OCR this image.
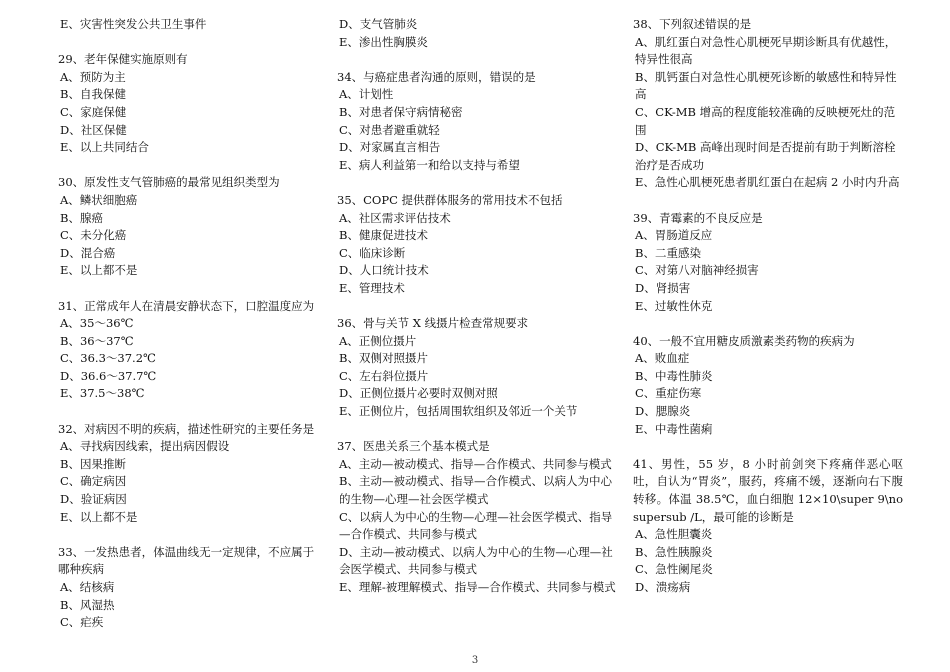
E、灾害性突发公共卫生事件
29、老年保健实施原则有
A、预防为主
B、自我保健
C、家庭保健
D、社区保健
E、以上共同结合
30、原发性支气管肺癌的最常见组织类型为
A、鳞状细胞癌
B、腺癌
C、未分化癌
D、混合癌
E、以上都不是
31、正常成年人在清晨安静状态下，口腔温度应为
A、35～36℃
B、36～37℃
C、36.3～37.2℃
D、36.6～37.7℃
E、37.5～38℃
32、对病因不明的疾病，描述性研究的主要任务是
A、寻找病因线索，提出病因假设
B、因果推断
C、确定病因
D、验证病因
E、以上都不是
33、一发热患者，体温曲线无一定规律，不应属于哪种疾病
A、结核病
B、风湿热
C、疟疾
D、支气管肺炎
E、渗出性胸膜炎
34、与癌症患者沟通的原则，错误的是
A、计划性
B、对患者保守病情秘密
C、对患者避重就轻
D、对家属直言相告
E、病人利益第一和给以支持与希望
35、COPC 提供群体服务的常用技术不包括
A、社区需求评估技术
B、健康促进技术
C、临床诊断
D、人口统计技术
E、管理技术
36、骨与关节 X 线摄片检查常规要求
A、正侧位摄片
B、双侧对照摄片
C、左右斜位摄片
D、正侧位摄片必要时双侧对照
E、正侧位片，包括周围软组织及邻近一个关节
37、医患关系三个基本模式是
A、主动—被动模式、指导—合作模式、共同参与模式
B、主动—被动模式、指导—合作模式、以病人为中心的生物—心理—社会医学模式
C、以病人为中心的生物—心理—社会医学模式、指导—合作模式、共同参与模式
D、主动—被动模式、以病人为中心的生物—心理—社会医学模式、共同参与模式
E、理解-被理解模式、指导—合作模式、共同参与模式
38、下列叙述错误的是
A、肌红蛋白对急性心肌梗死早期诊断具有优越性，特异性很高
B、肌钙蛋白对急性心肌梗死诊断的敏感性和特异性高
C、CK-MB 增高的程度能较准确的反映梗死灶的范围
D、CK-MB 高峰出现时间是否提前有助于判断溶栓治疗是否成功
E、急性心肌梗死患者肌红蛋白在起病 2 小时内升高
39、青霉素的不良反应是
A、胃肠道反应
B、二重感染
C、对第八对脑神经损害
D、肾损害
E、过敏性休克
40、一般不宜用糖皮质激素类药物的疾病为
A、败血症
B、中毒性肺炎
C、重症伤寒
D、腮腺炎
E、中毒性菌痢
41、男性，55 岁，8 小时前剑突下疼痛伴恶心呕吐，自认为“胃炎”，服药，疼痛不缓，逐渐向右下腹转移。体温 38.5℃，血白细胞 12×10\super 9\nosupersub /L，最可能的诊断是
A、急性胆囊炎
B、急性胰腺炎
C、急性阑尾炎
D、溃疡病
3
